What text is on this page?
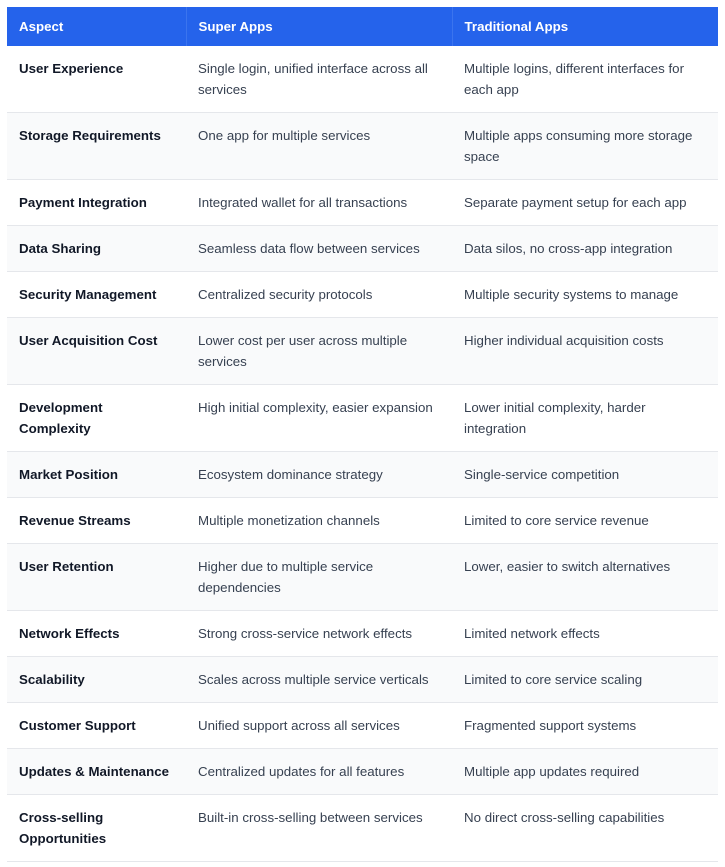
Aspect	Super Apps	Traditional Apps
User Experience	Single login, unified interface across all services	Multiple logins, different interfaces for each app
Storage Requirements	One app for multiple services	Multiple apps consuming more storage space
Payment Integration	Integrated wallet for all transactions	Separate payment setup for each app
Data Sharing	Seamless data flow between services	Data silos, no cross-app integration
Security Management	Centralized security protocols	Multiple security systems to manage
User Acquisition Cost	Lower cost per user across multiple services	Higher individual acquisition costs
Development Complexity	High initial complexity, easier expansion	Lower initial complexity, harder integration
Market Position	Ecosystem dominance strategy	Single-service competition
Revenue Streams	Multiple monetization channels	Limited to core service revenue
User Retention	Higher due to multiple service dependencies	Lower, easier to switch alternatives
Network Effects	Strong cross-service network effects	Limited network effects
Scalability	Scales across multiple service verticals	Limited to core service scaling
Customer Support	Unified support across all services	Fragmented support systems
Updates & Maintenance	Centralized updates for all features	Multiple app updates required
Cross-selling Opportunities	Built-in cross-selling between services	No direct cross-selling capabilities
